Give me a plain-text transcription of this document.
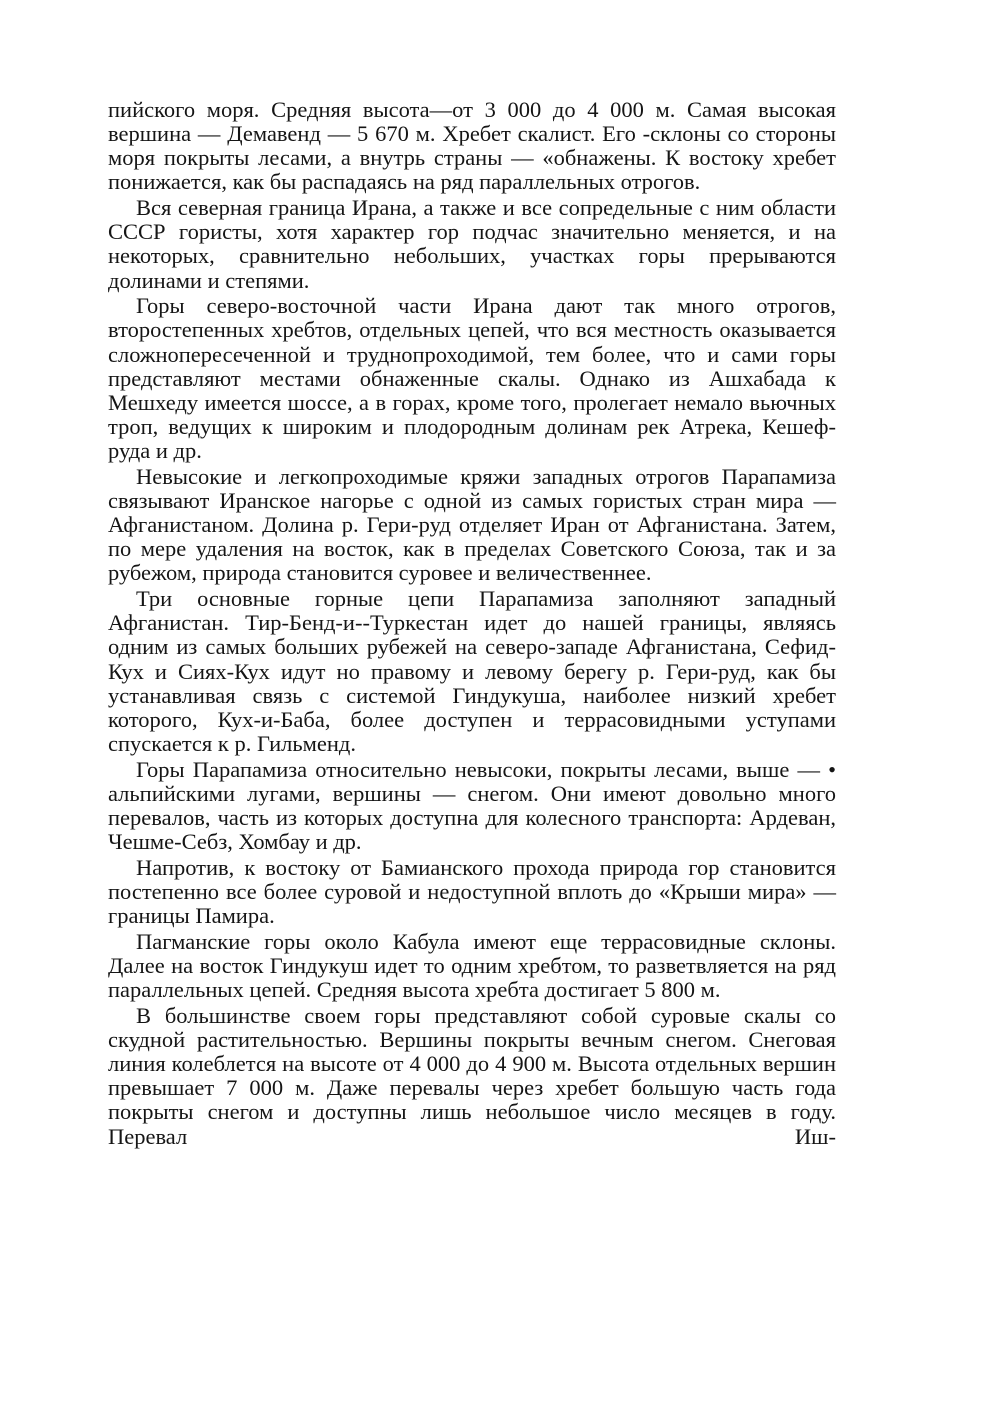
пийского моря. Средняя высота—от 3 000 до 4 000 м. Самая высокая вершина — Демавенд — 5 670 м. Хребет скалист. Его -склоны со стороны моря покрыты лесами, а внутрь страны — «обнажены. К востоку хребет понижается, как бы распадаясь на ряд параллельных отрогов.

Вся северная граница Ирана, а также и все сопредельные с ним области СССР гористы, хотя характер гор подчас значительно меняется, и на некоторых, сравнительно небольших, участках горы прерываются долинами и степями.

Горы северо-восточной части Ирана дают так много отрогов, второстепенных хребтов, отдельных цепей, что вся местность оказывается сложнопересеченной и труднопроходимой, тем более, что и сами горы представляют местами обнаженные скалы. Однако из Ашхабада к Мешхеду имеется шоссе, а в горах, кроме того, пролегает немало вьючных троп, ведущих к широким и плодородным долинам рек Атрека, Кешеф-руда и др.

Невысокие и легкопроходимые кряжи западных отрогов Парапамиза связывают Иранское нагорье с одной из самых гористых стран мира — Афганистаном. Долина р. Гери-руд отделяет Иран от Афганистана. Затем, по мере удаления на восток, как в пределах Советского Союза, так и за рубежом, природа становится суровее и величественнее.

Три основные горные цепи Парапамиза заполняют западный Афганистан. Тир-Бенд-и--Туркестан идет до нашей границы, являясь одним из самых больших рубежей на северо-западе Афганистана, Сефид-Кух и Сиях-Кух идут но правому и левому берегу р. Гери-руд, как бы устанавливая связь с системой Гиндукуша, наиболее низкий хребет которого, Кух-и-Баба, более доступен и террасовидными уступами спускается к р. Гильменд.

Горы Парапамиза относительно невысоки, покрыты лесами, выше — • альпийскими лугами, вершины — снегом. Они имеют довольно много перевалов, часть из которых доступна для колесного транспорта: Ардеван, Чешме-Себз, Хомбау и др.

Напротив, к востоку от Бамианского прохода природа гор становится постепенно все более суровой и недоступной вплоть до «Крыши мира» — границы Памира.

Пагманские горы около Кабула имеют еще террасовидные склоны. Далее на восток Гиндукуш идет то одним хребтом, то разветвляется на ряд параллельных цепей. Средняя высота хребта достигает 5 800 м.

В большинстве своем горы представляют собой суровые скалы со скудной растительностью. Вершины покрыты вечным снегом. Снеговая линия колеблется на высоте от 4 000 до 4 900 м. Высота отдельных вершин превышает 7 000 м. Даже перевалы через хребет большую часть года покрыты снегом и доступны лишь небольшое число месяцев в году. Перевал Иш-
